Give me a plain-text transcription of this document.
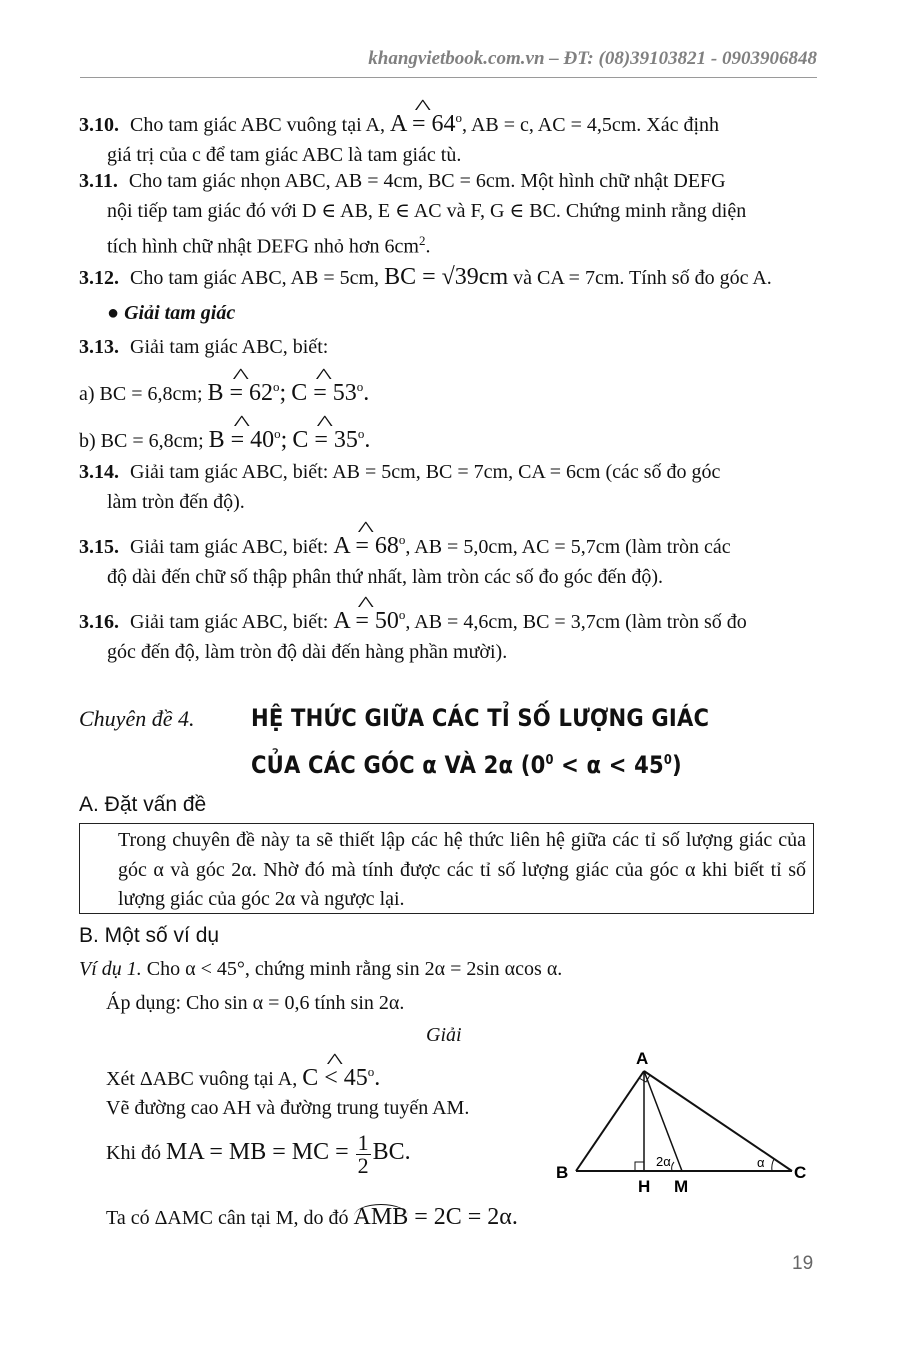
khangvietbook.com.vn – ĐT: (08)39103821 - 0903906848
3.10. Cho tam giác ABC vuông tại A, ^ $A = 64^o$, AB = c, AC = 4,5cm. Xác định
giá trị của c để tam giác ABC là tam giác tù.
3.11. Cho tam giác nhọn ABC, AB = 4cm, BC = 6cm. Một hình chữ nhật DEFG
nội tiếp tam giác đó với D ∈ AB, E ∈ AC và F, G ∈ BC. Chứng minh rằng diện
tích hình chữ nhật DEFG nhỏ hơn $6cm^2$.
3.12. Cho tam giác ABC, AB = 5cm, BC = √39cm và CA = 7cm. Tính số đo góc A.
● Giải tam giác
3.13. Giải tam giác ABC, biết:
a) BC = 6,8cm; ^ $B = 62^o$; ^ $C = 53^o$.
b) BC = 6,8cm; ^ $B = 40^o$; ^ $C = 35^o$.
3.14. Giải tam giác ABC, biết: AB = 5cm, BC = 7cm, CA = 6cm (các số đo góc
làm tròn đến độ).
3.15. Giải tam giác ABC, biết: ^ $A = 68^o$, AB = 5,0cm, AC = 5,7cm (làm tròn các
độ dài đến chữ số thập phân thứ nhất, làm tròn các số đo góc đến độ).
3.16. Giải tam giác ABC, biết: ^ $A = 50^o$, AB = 4,6cm, BC = 3,7cm (làm tròn số đo
góc đến độ, làm tròn độ dài đến hàng phần mười).
Chuyên đề 4. HỆ THỨC GIỮA CÁC TỈ SỐ LƯỢNG GIÁC
CỦA CÁC GÓC α VÀ 2α $(0^0 < \alpha < 45^0)$
A. Đặt vấn đề
Trong chuyên đề này ta sẽ thiết lập các hệ thức liên hệ giữa các tỉ số lượng giác của góc α và góc 2α. Nhờ đó mà tính được các tỉ số lượng giác của góc α khi biết tỉ số lượng giác của góc 2α và ngược lại.
B. Một số ví dụ
Ví dụ 1. Cho α < 45°, chứng minh rằng sin 2α = 2sin αcos α.
Áp dụng: Cho sin α = 0,6 tính sin 2α.
Giải
Xét ΔABC vuông tại A, ^ $C < 45^o$.
Vẽ đường cao AH và đường trung tuyến AM.
Khi đó MA = MB = MC = $\frac{1}{2}$ BC.
Ta có ΔAMC cân tại M, do đó AMB = 2C = 2α.
A
B	C
H M
2α	α
19
